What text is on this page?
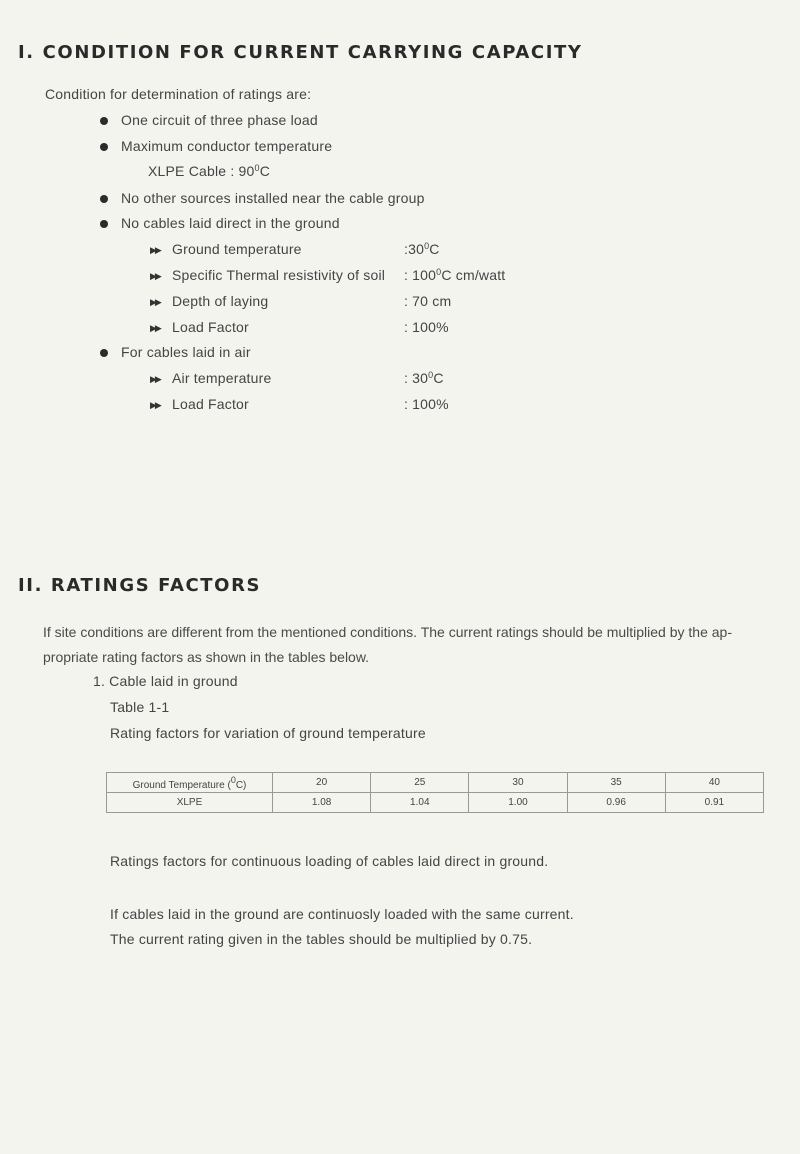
I. CONDITION FOR CURRENT CARRYING CAPACITY
Condition for determination of ratings are:
One circuit of three phase load
Maximum conductor temperature
XLPE Cable : $90^0C$
No other sources installed near the cable group
No cables laid direct in the ground
▶▶ Ground temperature	$:30^0C$
▶▶ Specific Thermal resistivity of soil : $100^0C$ cm/watt
▶▶ Depth of laying	: 70 cm
▶▶ Load Factor	: 100%
For cables laid in air
▶▶ Air temperature	: $30^0C$
▶▶ Load Factor	: 100%
II. RATINGS FACTORS
If site conditions are different from the mentioned conditions. The current ratings should be multiplied by the ap-
propriate rating factors as shown in the tables below.
1. Cable laid in ground
Table 1-1
Rating factors for variation of ground temperature
Ground Temperature ($^0$C)	20	25	30	35	40
XLPE	1.08	1.04	1.00	0.96	0.91
Ratings factors for continuous loading of cables laid direct in ground.
If cables laid in the ground are continuosly loaded with the same current.
The current rating given in the tables should be multiplied by 0.75.
